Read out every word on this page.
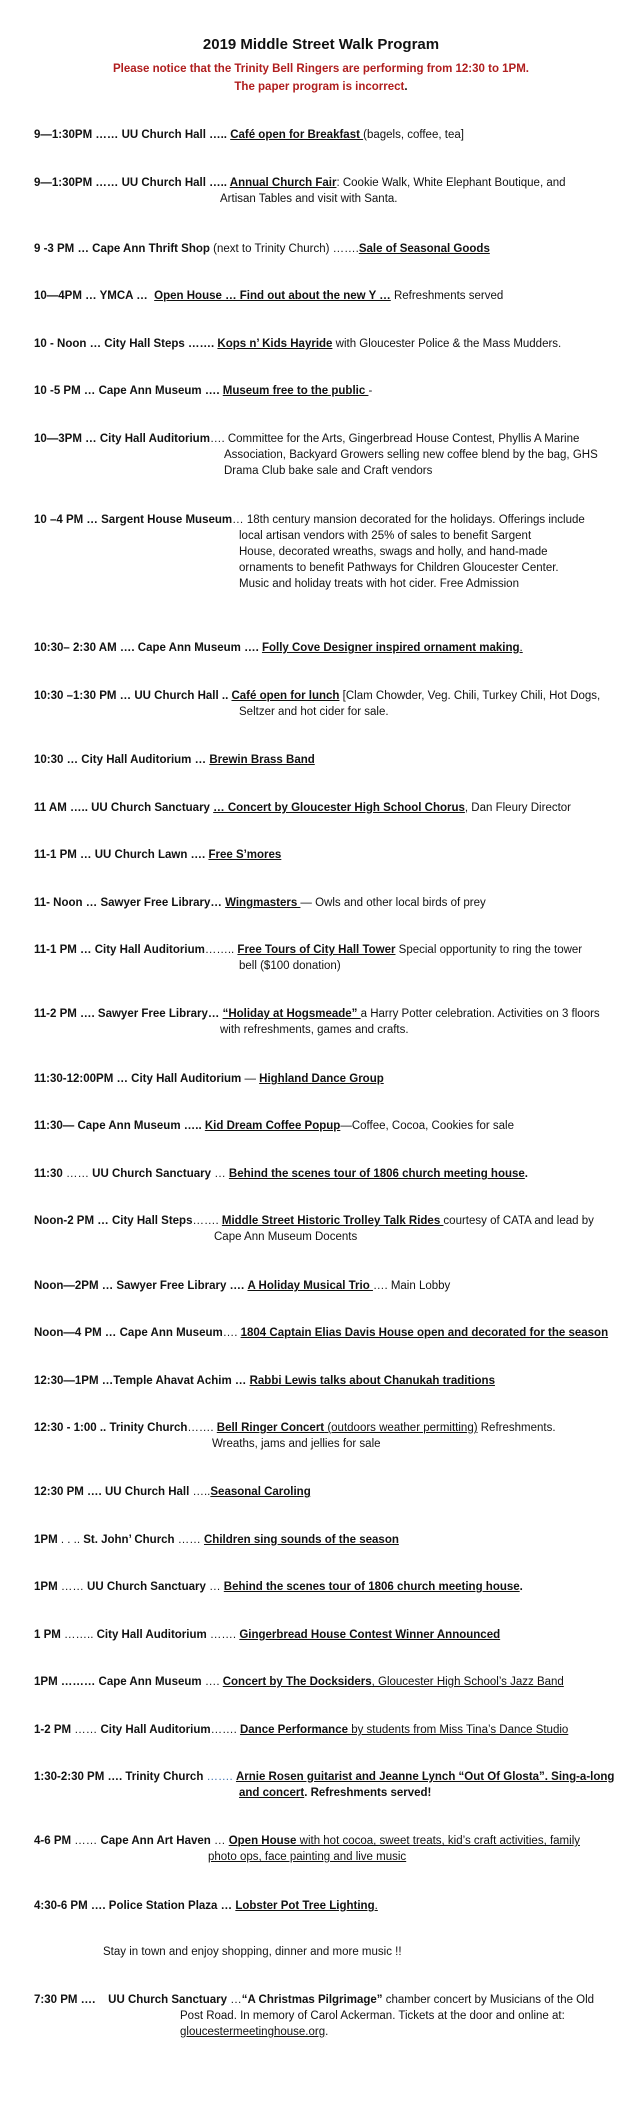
2019 Middle Street Walk Program
Please notice that the Trinity Bell Ringers are performing from 12:30 to 1PM.
The paper program is incorrect.
9—1:30PM …… UU Church Hall ….. Café open for Breakfast (bagels, coffee, tea]
9—1:30PM …… UU Church Hall ….. Annual Church Fair: Cookie Walk, White Elephant Boutique, and
Artisan Tables and visit with Santa.
9 -3 PM … Cape Ann Thrift Shop (next to Trinity Church) …….Sale of Seasonal Goods
10—4PM … YMCA … Open House … Find out about the new Y … Refreshments served
10 - Noon … City Hall Steps ……. Kops n’ Kids Hayride with Gloucester Police & the Mass Mudders.
10 -5 PM … Cape Ann Museum …. Museum free to the public -
10—3PM … City Hall Auditorium…. Committee for the Arts, Gingerbread House Contest, Phyllis A Marine
Association, Backyard Growers selling new coffee blend by the bag, GHS
Drama Club bake sale and Craft vendors
10 –4 PM … Sargent House Museum… 18th century mansion decorated for the holidays. Offerings include
local artisan vendors with 25% of sales to benefit Sargent
House, decorated wreaths, swags and holly, and hand-made
ornaments to benefit Pathways for Children Gloucester Center.
Music and holiday treats with hot cider. Free Admission
10:30– 2:30 AM …. Cape Ann Museum …. Folly Cove Designer inspired ornament making.
10:30 –1:30 PM … UU Church Hall .. Café open for lunch [Clam Chowder, Veg. Chili, Turkey Chili, Hot Dogs,
Seltzer and hot cider for sale.
10:30 … City Hall Auditorium … Brewin Brass Band
11 AM ….. UU Church Sanctuary … Concert by Gloucester High School Chorus, Dan Fleury Director
11-1 PM … UU Church Lawn …. Free S’mores
11- Noon … Sawyer Free Library… Wingmasters — Owls and other local birds of prey
11-1 PM … City Hall Auditorium…….. Free Tours of City Hall Tower Special opportunity to ring the tower
bell ($100 donation)
11-2 PM …. Sawyer Free Library… “Holiday at Hogsmeade” a Harry Potter celebration. Activities on 3 floors
with refreshments, games and crafts.
11:30-12:00PM … City Hall Auditorium — Highland Dance Group
11:30— Cape Ann Museum ….. Kid Dream Coffee Popup—Coffee, Cocoa, Cookies for sale
11:30 …… UU Church Sanctuary … Behind the scenes tour of 1806 church meeting house.
Noon-2 PM … City Hall Steps……. Middle Street Historic Trolley Talk Rides courtesy of CATA and lead by
Cape Ann Museum Docents
Noon—2PM … Sawyer Free Library …. A Holiday Musical Trio …. Main Lobby
Noon—4 PM … Cape Ann Museum…. 1804 Captain Elias Davis House open and decorated for the season
12:30—1PM …Temple Ahavat Achim … Rabbi Lewis talks about Chanukah traditions
12:30 - 1:00 .. Trinity Church……. Bell Ringer Concert (outdoors weather permitting) Refreshments.
Wreaths, jams and jellies for sale
12:30 PM …. UU Church Hall …..Seasonal Caroling
1PM . . .. St. John’ Church …… Children sing sounds of the season
1PM …… UU Church Sanctuary … Behind the scenes tour of 1806 church meeting house.
1 PM …….. City Hall Auditorium ……. Gingerbread House Contest Winner Announced
1PM ……… Cape Ann Museum …. Concert by The Docksiders, Gloucester High School’s Jazz Band
1-2 PM …… City Hall Auditorium……. Dance Performance by students from Miss Tina’s Dance Studio
1:30-2:30 PM …. Trinity Church ……. Arnie Rosen guitarist and Jeanne Lynch “Out Of Glosta”. Sing-a-long
and concert. Refreshments served!
4-6 PM …… Cape Ann Art Haven … Open House with hot cocoa, sweet treats, kid’s craft activities, family
photo ops, face painting and live music
4:30-6 PM …. Police Station Plaza … Lobster Pot Tree Lighting.
Stay in town and enjoy shopping, dinner and more music !!
7:30 PM ….    UU Church Sanctuary …“A Christmas Pilgrimage” chamber concert by Musicians of the Old
Post Road. In memory of Carol Ackerman. Tickets at the door and online at:
gloucestermeetinghouse.org.
